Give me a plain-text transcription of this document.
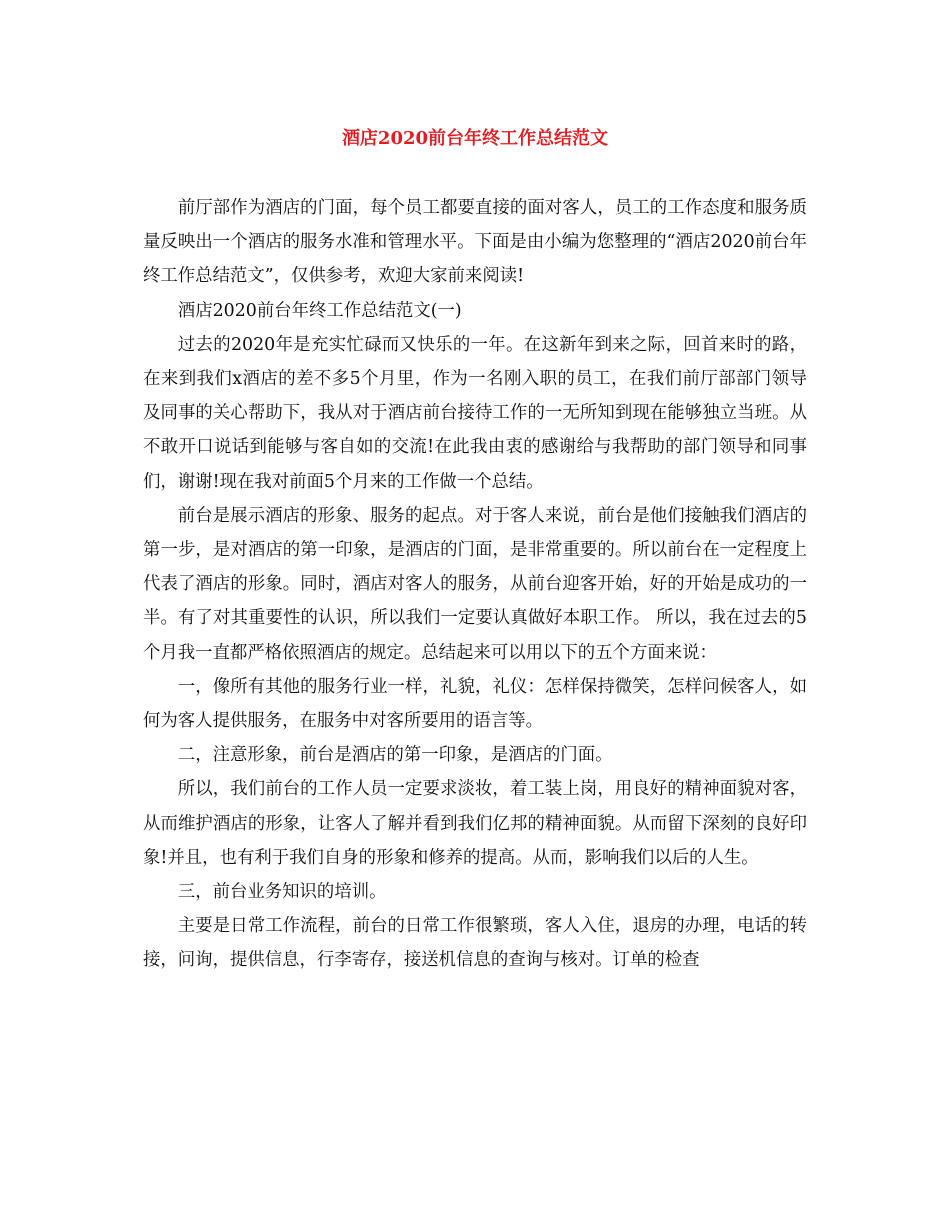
酒店2020前台年终工作总结范文

前厅部作为酒店的门面，每个员工都要直接的面对客人，员工的工作态度和服务质量反映出一个酒店的服务水准和管理水平。下面是由小编为您整理的“酒店2020前台年终工作总结范文”，仅供参考，欢迎大家前来阅读!

酒店2020前台年终工作总结范文(一)

过去的2020年是充实忙碌而又快乐的一年。在这新年到来之际，回首来时的路，在来到我们x酒店的差不多5个月里，作为一名刚入职的员工，在我们前厅部部门领导及同事的关心帮助下，我从对于酒店前台接待工作的一无所知到现在能够独立当班。从不敢开口说话到能够与客自如的交流!在此我由衷的感谢给与我帮助的部门领导和同事们，谢谢!现在我对前面5个月来的工作做一个总结。

前台是展示酒店的形象、服务的起点。对于客人来说，前台是他们接触我们酒店的第一步，是对酒店的第一印象，是酒店的门面，是非常重要的。所以前台在一定程度上代表了酒店的形象。同时，酒店对客人的服务，从前台迎客开始，好的开始是成功的一半。有了对其重要性的认识，所以我们一定要认真做好本职工作。 所以，我在过去的5个月我一直都严格依照酒店的规定。总结起来可以用以下的五个方面来说：

一，像所有其他的服务行业一样，礼貌，礼仪：怎样保持微笑，怎样问候客人，如何为客人提供服务，在服务中对客所要用的语言等。

二，注意形象，前台是酒店的第一印象，是酒店的门面。

所以，我们前台的工作人员一定要求淡妆，着工装上岗，用良好的精神面貌对客，从而维护酒店的形象，让客人了解并看到我们亿邦的精神面貌。从而留下深刻的良好印象!并且，也有利于我们自身的形象和修养的提高。从而，影响我们以后的人生。

三，前台业务知识的培训。

主要是日常工作流程，前台的日常工作很繁琐，客人入住，退房的办理，电话的转接，问询，提供信息，行李寄存，接送机信息的查询与核对。订单的检查
